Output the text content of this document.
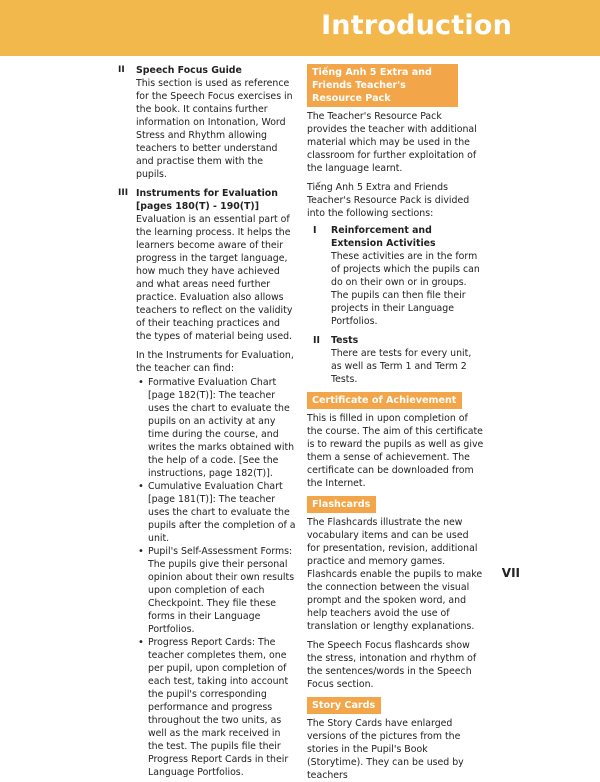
Introduction
II Speech Focus Guide

This section is used as reference for the Speech Focus exercises in the book. It contains further information on Intonation, Word Stress and Rhythm allowing teachers to better understand and practise them with the pupils.

III Instruments for Evaluation

[pages 180(T) - 190(T)]

Evaluation is an essential part of the learning process. It helps the learners become aware of their progress in the target language, how much they have achieved and what areas need further practice. Evaluation also allows teachers to reflect on the validity of their teaching practices and the types of material being used.

In the Instruments for Evaluation, the teacher can find:

• Formative Evaluation Chart [page 182(T)]: The teacher uses the chart to evaluate the pupils on an activity at any time during the course, and writes the marks obtained with the help of a code. [See the instructions, page 182(T)].
• Cumulative Evaluation Chart [page 181(T)]: The teacher uses the chart to evaluate the pupils after the completion of a unit.
• Pupil's Self-Assessment Forms: The pupils give their personal opinion about their own results upon completion of each Checkpoint. They file these forms in their Language Portfolios.
• Progress Report Cards: The teacher completes them, one per pupil, upon completion of each test, taking into account the pupil's corresponding performance and progress throughout the two units, as well as the mark received in the test. The pupils file their Progress Report Cards in their Language Portfolios.
Tiếng Anh 5 Extra and Friends Teacher's Resource Pack

The Teacher's Resource Pack provides the teacher with additional material which may be used in the classroom for further exploitation of the language learnt.

Tiếng Anh 5 Extra and Friends Teacher's Resource Pack is divided into the following sections:

I Reinforcement and Extension Activities

These activities are in the form of projects which the pupils can do on their own or in groups. The pupils can then file their projects in their Language Portfolios.

II Tests

There are tests for every unit, as well as Term 1 and Term 2 Tests.

Certificate of Achievement

This is filled in upon completion of the course. The aim of this certificate is to reward the pupils as well as give them a sense of achievement. The certificate can be downloaded from the Internet.

Flashcards

The Flashcards illustrate the new vocabulary items and can be used for presentation, revision, additional practice and memory games. Flashcards enable the pupils to make the connection between the visual prompt and the spoken word, and help teachers avoid the use of translation or lengthy explanations.

The Speech Focus flashcards show the stress, intonation and rhythm of the sentences/words in the Speech Focus section.

Story Cards

The Story Cards have enlarged versions of the pictures from the stories in the Pupil's Book (Storytime). They can be used by teachers

VII
